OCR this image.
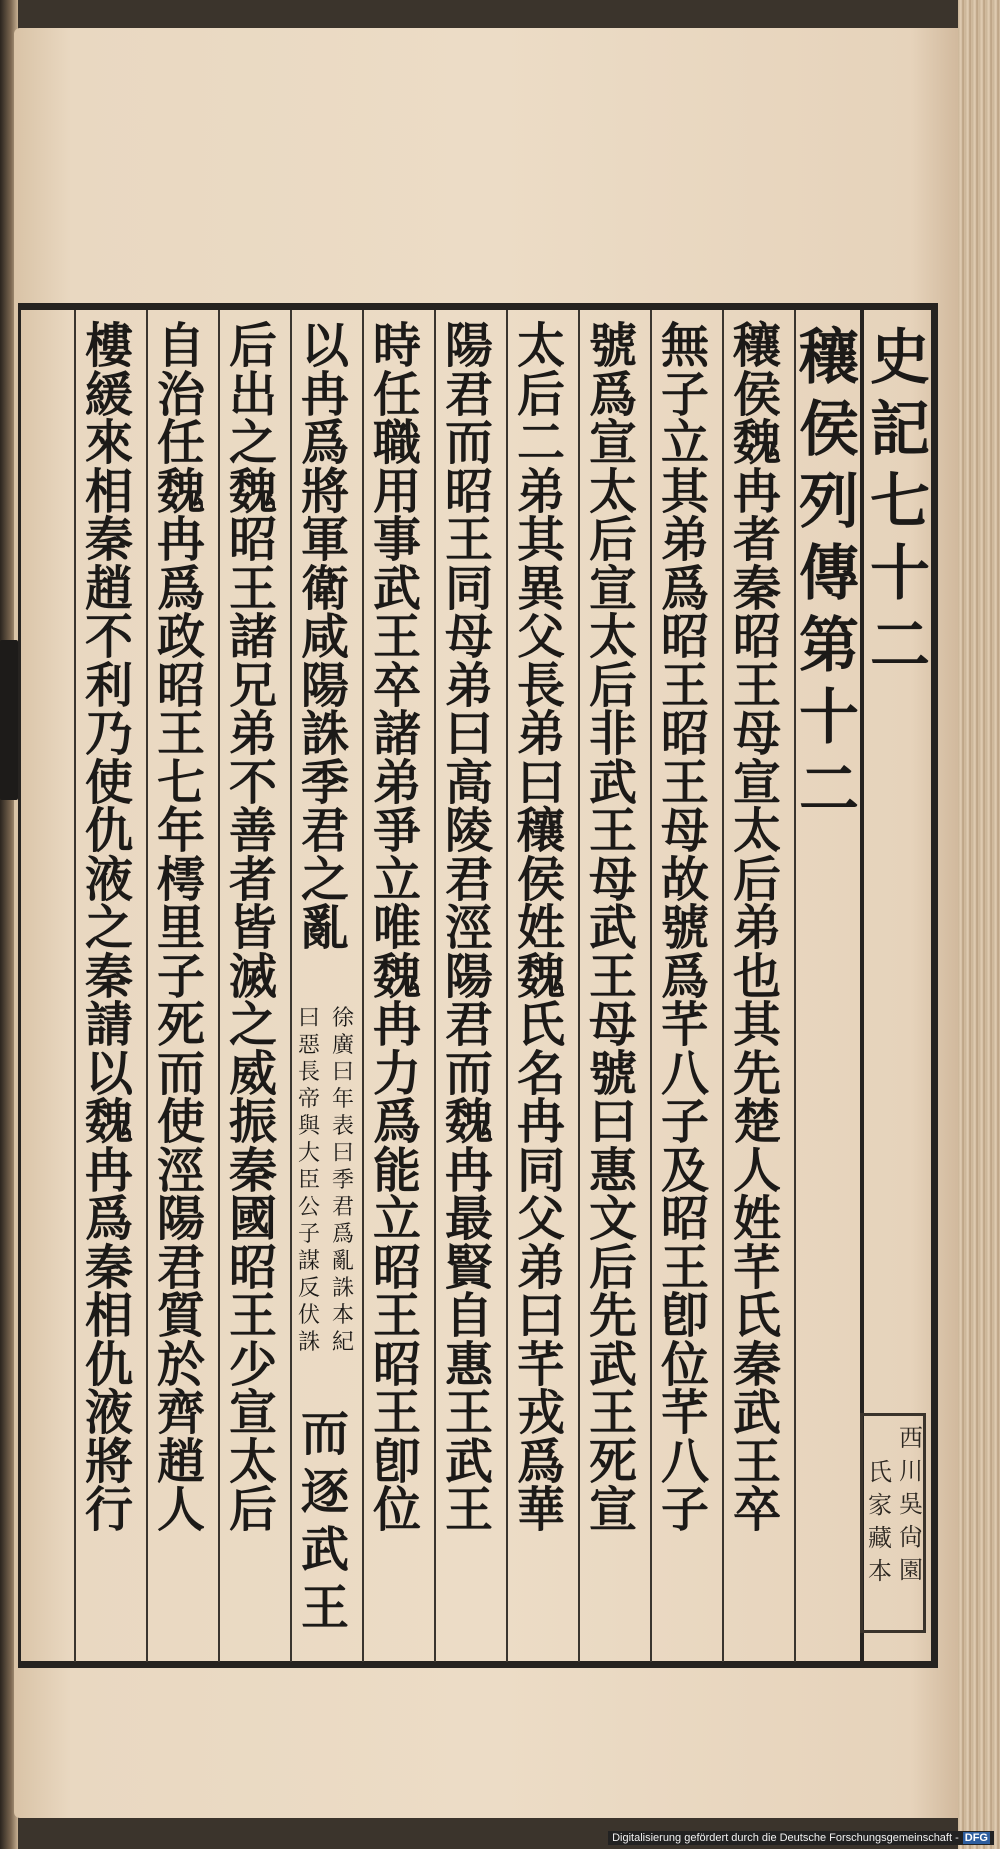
史記七十二
穰侯列傳第十二
穰侯魏冉者秦昭王母宣太后弟也其先楚人姓芊氏秦武王卒
無子立其弟爲昭王昭王母故號爲芊八子及昭王卽位芊八子
號爲宣太后宣太后非武王母武王母號曰惠文后先武王死宣
太后二弟其異父長弟曰穰侯姓魏氏名冉同父弟曰芊戎爲華
陽君而昭王同母弟曰高陵君涇陽君而魏冉最賢自惠王武王
時任職用事武王卒諸弟爭立唯魏冉力爲能立昭王昭王卽位
以冉爲將軍衛咸陽誅季君之亂
徐廣曰年表曰季君爲亂誅本紀
曰惡長帝與大臣公子謀反伏誅
而逐武王
后出之魏昭王諸兄弟不善者皆滅之威振秦國昭王少宣太后
自治任魏冉爲政昭王七年樗里子死而使涇陽君質於齊趙人
樓緩來相秦趙不利乃使仇液之秦請以魏冉爲秦相仇液將行
西川吳尙園
氏家藏本
Digitalisierung gefördert durch die Deutsche Forschungsgemeinschaft - DFG
